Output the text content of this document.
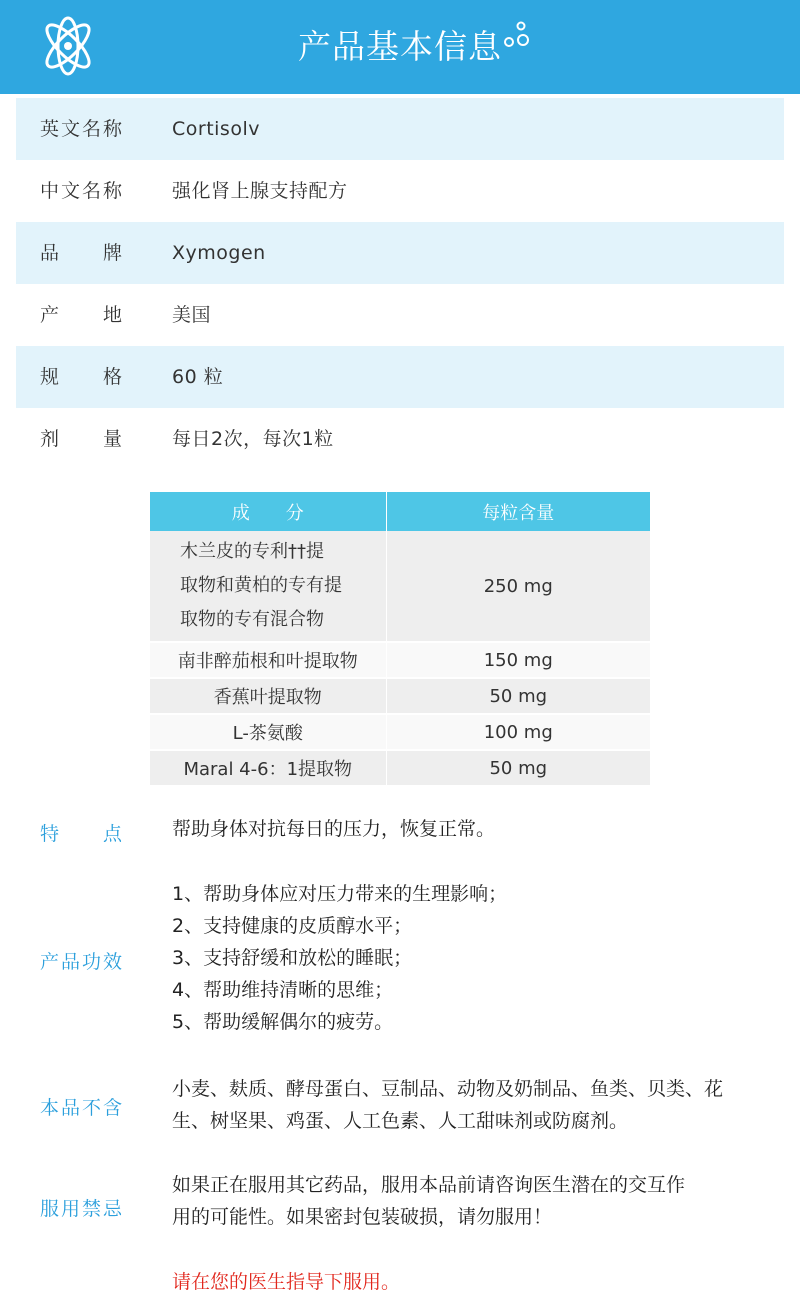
产品基本信息
英 文 名 称	Cortisolv
中 文 名 称	强化肾上腺支持配方
品 牌	Xymogen
产 地	美国
规 格	60 粒
剂 量	每日2次，每次1粒
成　　分	每粒含量

木兰皮的专利††提
取物和黄柏的专有提
取物的专有混合物	250 mg
南非醉茄根和叶提取物	150 mg
香蕉叶提取物	50 mg
L-茶氨酸	100 mg
Maral 4-6：1提取物	50 mg
特 点	帮助身体对抗每日的压力，恢复正常。
产 品 功 效
1、帮助身体应对压力带来的生理影响；
2、支持健康的皮质醇水平；
3、支持舒缓和放松的睡眠；
4、帮助维持清晰的思维；
5、帮助缓解偶尔的疲劳。
本 品 不 含
小麦、麸质、酵母蛋白、豆制品、动物及奶制品、鱼类、贝类、花
生、树坚果、鸡蛋、人工色素、人工甜味剂或防腐剂。
服 用 禁 忌
如果正在服用其它药品，服用本品前请咨询医生潜在的交互作
用的可能性。如果密封包装破损，请勿服用！
请在您的医生指导下服用。
